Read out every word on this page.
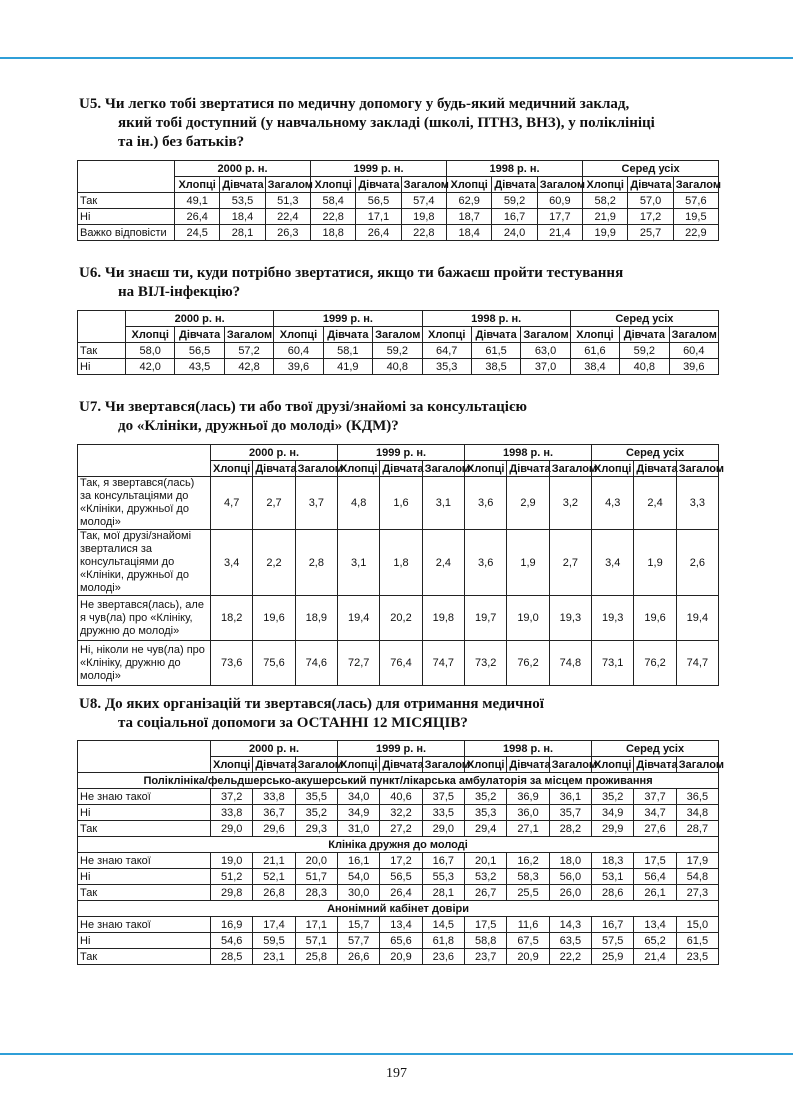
U5. Чи легко тобі звертатися по медичну допомогу у будь-який медичний заклад,
який тобі доступний (у навчальному закладі (школі, ПТНЗ, ВНЗ), у поліклініці
та ін.) без батьків?
	2000 р. н.			1999 р. н.			1998 р. н.			Серед усіх		
	Хлопці	Дівчата	Загалом	Хлопці	Дівчата	Загалом	Хлопці	Дівчата	Загалом	Хлопці	Дівчата	Загалом
Так	49,1	53,5	51,3	58,4	56,5	57,4	62,9	59,2	60,9	58,2	57,0	57,6
Ні	26,4	18,4	22,4	22,8	17,1	19,8	18,7	16,7	17,7	21,9	17,2	19,5
Важко відповісти	24,5	28,1	26,3	18,8	26,4	22,8	18,4	24,0	21,4	19,9	25,7	22,9
U6. Чи знаєш ти, куди потрібно звертатися, якщо ти бажаєш пройти тестування
на ВІЛ-інфекцію?
	2000 р. н.			1999 р. н.			1998 р. н.			Серед усіх		
	Хлопці	Дівчата	Загалом	Хлопці	Дівчата	Загалом	Хлопці	Дівчата	Загалом	Хлопці	Дівчата	Загалом
Так	58,0	56,5	57,2	60,4	58,1	59,2	64,7	61,5	63,0	61,6	59,2	60,4
Ні	42,0	43,5	42,8	39,6	41,9	40,8	35,3	38,5	37,0	38,4	40,8	39,6
U7. Чи звертався(лась) ти або твої друзі/знайомі за консультацією
до «Клініки, дружньої до молоді» (КДМ)?
	2000 р. н.			1999 р. н.			1998 р. н.			Серед усіх		
	Хлопці	Дівчата	Загалом	Хлопці	Дівчата	Загалом	Хлопці	Дівчата	Загалом	Хлопці	Дівчата	Загалом
Так, я звертався(лась) за консультаціями до «Клініки, дружньої до молоді»	4,7	2,7	3,7	4,8	1,6	3,1	3,6	2,9	3,2	4,3	2,4	3,3
Так, мої друзі/знайомі зверталися за консультаціями до «Клініки, дружньої до молоді»	3,4	2,2	2,8	3,1	1,8	2,4	3,6	1,9	2,7	3,4	1,9	2,6
Не звертався(лась), але я чув(ла) про «Клініку, дружню до молоді»	18,2	19,6	18,9	19,4	20,2	19,8	19,7	19,0	19,3	19,3	19,6	19,4
Ні, ніколи не чув(ла) про «Клініку, дружню до молоді»	73,6	75,6	74,6	72,7	76,4	74,7	73,2	76,2	74,8	73,1	76,2	74,7
U8. До яких організацій ти звертався(лась) для отримання медичної
та соціальної допомоги за ОСТАННІ 12 МІСЯЦІВ?
	2000 р. н.			1999 р. н.			1998 р. н.			Серед усіх		
	Хлопці	Дівчата	Загалом	Хлопці	Дівчата	Загалом	Хлопці	Дівчата	Загалом	Хлопці	Дівчата	Загалом
Поліклініка/фельдшерсько-акушерський пункт/лікарська амбулаторія за місцем проживання												
Не знаю такої	37,2	33,8	35,5	34,0	40,6	37,5	35,2	36,9	36,1	35,2	37,7	36,5
Ні	33,8	36,7	35,2	34,9	32,2	33,5	35,3	36,0	35,7	34,9	34,7	34,8
Так	29,0	29,6	29,3	31,0	27,2	29,0	29,4	27,1	28,2	29,9	27,6	28,7
Клініка дружня до молоді												
Не знаю такої	19,0	21,1	20,0	16,1	17,2	16,7	20,1	16,2	18,0	18,3	17,5	17,9
Ні	51,2	52,1	51,7	54,0	56,5	55,3	53,2	58,3	56,0	53,1	56,4	54,8
Так	29,8	26,8	28,3	30,0	26,4	28,1	26,7	25,5	26,0	28,6	26,1	27,3
Анонімний кабінет довіри												
Не знаю такої	16,9	17,4	17,1	15,7	13,4	14,5	17,5	11,6	14,3	16,7	13,4	15,0
Ні	54,6	59,5	57,1	57,7	65,6	61,8	58,8	67,5	63,5	57,5	65,2	61,5
Так	28,5	23,1	25,8	26,6	20,9	23,6	23,7	20,9	22,2	25,9	21,4	23,5
197
